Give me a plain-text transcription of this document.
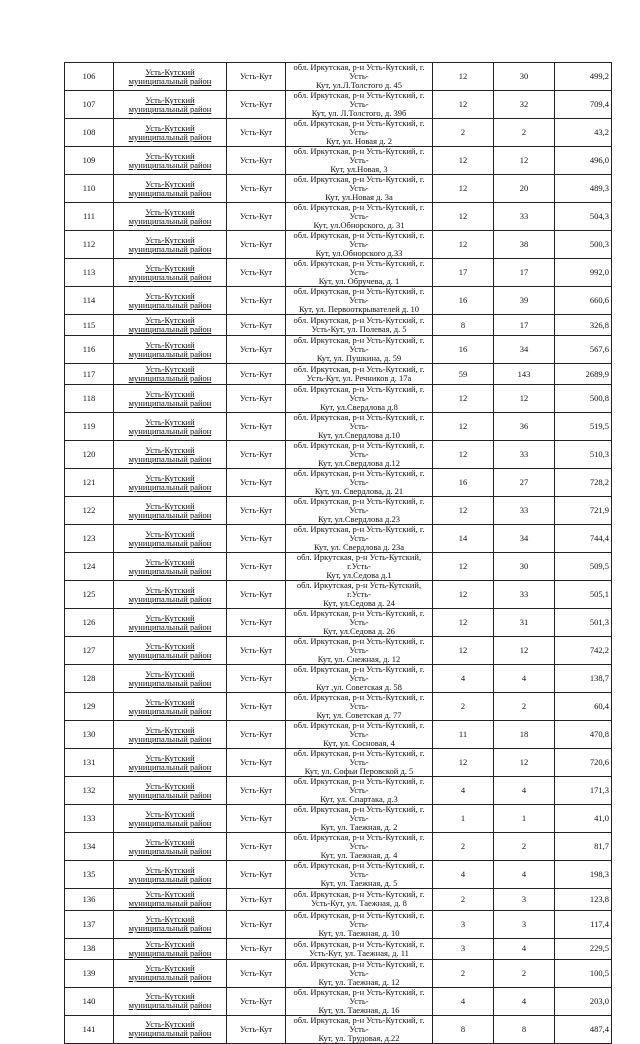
106	Усть-Кутский
муниципальный район	Усть-Кут	обл. Иркутская, р-н Усть-Кутский, г. Усть-
Кут, ул.Л.Толстого д. 45	12	30	499,2
107	Усть-Кутский
муниципальный район	Усть-Кут	обл. Иркутская, р-н Усть-Кутский, г. Усть-
Кут, ул. Л.Толстого, д. 39б	12	32	709,4
108	Усть-Кутский
муниципальный район	Усть-Кут	обл. Иркутская, р-н Усть-Кутский, г. Усть-
Кут, ул. Новая д. 2	2	2	43,2
109	Усть-Кутский
муниципальный район	Усть-Кут	обл. Иркутская, р-н Усть-Кутский, г. Усть-
Кут, ул.Новая, 3	12	12	496,0
110	Усть-Кутский
муниципальный район	Усть-Кут	обл. Иркутская, р-н Усть-Кутский, г. Усть-
Кут, ул.Новая д. 3а	12	20	489,3
111	Усть-Кутский
муниципальный район	Усть-Кут	обл. Иркутская, р-н Усть-Кутский, г. Усть-
Кут, ул.Обнорского, д. 31	12	33	504,3
112	Усть-Кутский
муниципальный район	Усть-Кут	обл. Иркутская, р-н Усть-Кутский, г. Усть-
Кут, ул.Обнорского д.33	12	38	500,3
113	Усть-Кутский
муниципальный район	Усть-Кут	обл. Иркутская, р-н Усть-Кутский, г. Усть-
Кут, ул. Обручева, д. 1	17	17	992,0
114	Усть-Кутский
муниципальный район	Усть-Кут	обл. Иркутская, р-н Усть-Кутский, г. Усть-
Кут, ул. Первооткрывателей д. 10	16	39	660,6
115	Усть-Кутский
муниципальный район	Усть-Кут	обл. Иркутская, р-н Усть-Кутский, г.
Усть-Кут, ул. Полевая, д. 5	8	17	326,8
116	Усть-Кутский
муниципальный район	Усть-Кут	обл. Иркутская, р-н Усть-Кутский, г. Усть-
Кут, ул. Пушкина, д. 59	16	34	567,6
117	Усть-Кутский
муниципальный район	Усть-Кут	обл. Иркутская, р-н Усть-Кутский, г.
Усть-Кут, ул. Речников д. 17а	59	143	2689,9
118	Усть-Кутский
муниципальный район	Усть-Кут	обл. Иркутская, р-н Усть-Кутский, г. Усть-
Кут, ул.Свердлова д.8	12	12	500,8
119	Усть-Кутский
муниципальный район	Усть-Кут	обл. Иркутская, р-н Усть-Кутский, г. Усть-
Кут, ул.Свердлова д.10	12	36	519,5
120	Усть-Кутский
муниципальный район	Усть-Кут	обл. Иркутская, р-н Усть-Кутский, г. Усть-
Кут, ул.Свердлова д.12	12	33	510,3
121	Усть-Кутский
муниципальный район	Усть-Кут	обл. Иркутская, р-н Усть-Кутский, г. Усть-
Кут, ул. Свердлова, д. 21	16	27	728,2
122	Усть-Кутский
муниципальный район	Усть-Кут	обл. Иркутская, р-н Усть-Кутский, г. Усть-
Кут, ул.Свердлова д.23	12	33	721,9
123	Усть-Кутский
муниципальный район	Усть-Кут	обл. Иркутская, р-н Усть-Кутский, г. Усть-
Кут, ул. Свердлова д. 23а	14	34	744,4
124	Усть-Кутский
муниципальный район	Усть-Кут	обл. Иркутская, р-н Усть-Кутский, г.Усть-
Кут, ул.Седова д.1	12	30	509,5
125	Усть-Кутский
муниципальный район	Усть-Кут	обл. Иркутская, р-н Усть-Кутский, г.Усть-
Кут, ул.Седова д. 24	12	33	505,1
126	Усть-Кутский
муниципальный район	Усть-Кут	обл. Иркутская, р-н Усть-Кутский, г. Усть-
Кут, ул.Седова д. 26	12	31	501,3
127	Усть-Кутский
муниципальный район	Усть-Кут	обл. Иркутская, р-н Усть-Кутский, г. Усть-
Кут, ул. Снежная, д. 12	12	12	742,2
128	Усть-Кутский
муниципальный район	Усть-Кут	обл. Иркутская, р-н Усть-Кутский, г. Усть-
Кут ,ул. Советская д. 58	4	4	138,7
129	Усть-Кутский
муниципальный район	Усть-Кут	обл. Иркутская, р-н Усть-Кутский, г. Усть-
Кут, ул. Советская д. 77	2	2	60,4
130	Усть-Кутский
муниципальный район	Усть-Кут	обл. Иркутская, р-н Усть-Кутский, г. Усть-
Кут, ул. Сосновая, 4	11	18	470,8
131	Усть-Кутский
муниципальный район	Усть-Кут	обл. Иркутская, р-н Усть-Кутский, г. Усть-
Кут, ул. Софьи Перовской д. 5	12	12	720,6
132	Усть-Кутский
муниципальный район	Усть-Кут	обл. Иркутская, р-н Усть-Кутский, г. Усть-
Кут, ул. Спартака, д.3	4	4	171,3
133	Усть-Кутский
муниципальный район	Усть-Кут	обл. Иркутская, р-н Усть-Кутский, г. Усть-
Кут, ул. Таежная, д. 2	1	1	41,0
134	Усть-Кутский
муниципальный район	Усть-Кут	обл. Иркутская, р-н Усть-Кутский, г. Усть-
Кут, ул. Таежная, д. 4	2	2	81,7
135	Усть-Кутский
муниципальный район	Усть-Кут	обл. Иркутская, р-н Усть-Кутский, г. Усть-
Кут, ул. Таежная, д. 5	4	4	198,3
136	Усть-Кутский
муниципальный район	Усть-Кут	обл. Иркутская, р-н Усть-Кутский, г.
Усть-Кут, ул. Таежная, д. 8	2	3	123,8
137	Усть-Кутский
муниципальный район	Усть-Кут	обл. Иркутская, р-н Усть-Кутский, г. Усть-
Кут, ул. Таежная, д. 10	3	3	117,4
138	Усть-Кутский
муниципальный район	Усть-Кут	обл. Иркутская, р-н Усть-Кутский, г.
Усть-Кут, ул. Таежная, д. 11	3	4	229,5
139	Усть-Кутский
муниципальный район	Усть-Кут	обл. Иркутская, р-н Усть-Кутский, г. Усть-
Кут, ул. Таежная, д. 12	2	2	100,5
140	Усть-Кутский
муниципальный район	Усть-Кут	обл. Иркутская, р-н Усть-Кутский, г. Усть-
Кут, ул. Таежная, д. 16	4	4	203,0
141	Усть-Кутский
муниципальный район	Усть-Кут	обл. Иркутская, р-н Усть-Кутский, г. Усть-
Кут, ул. Трудовая, д.22	8	8	487,4
